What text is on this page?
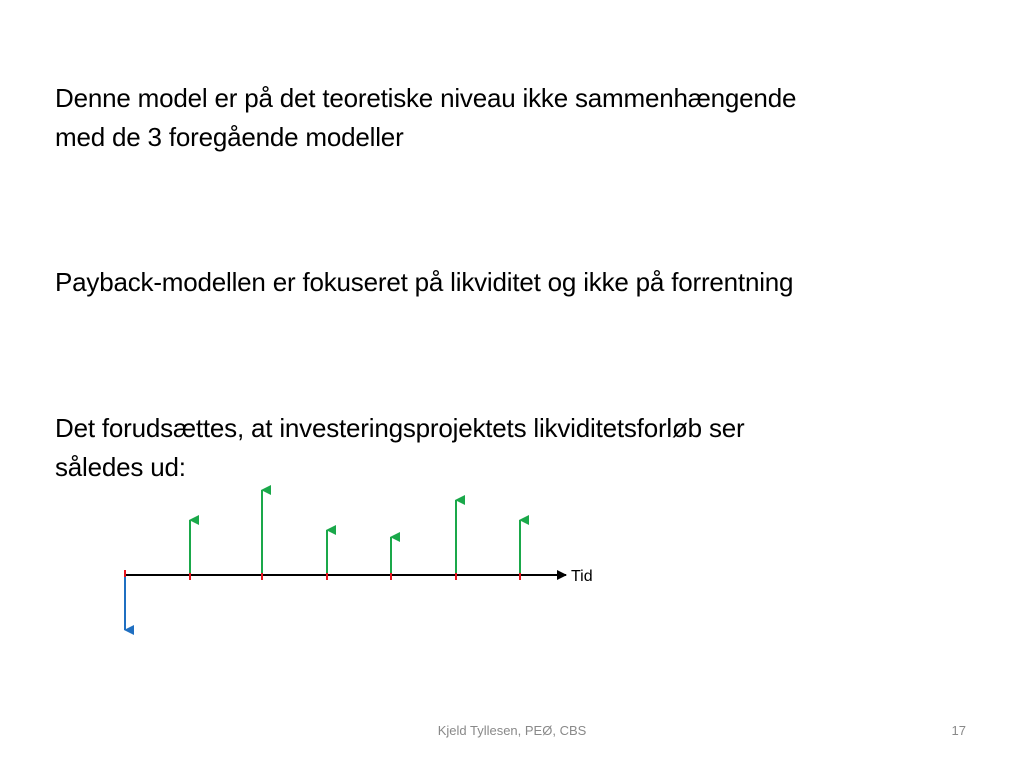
Denne model er på det teoretiske niveau ikke sammenhængende
med de 3 foregående modeller

Payback-modellen er fokuseret på likviditet og ikke på forrentning

Det forudsættes, at investeringsprojektets likviditetsforløb ser
således ud:

Tid
Kjeld Tyllesen, PEØ, CBS	17
